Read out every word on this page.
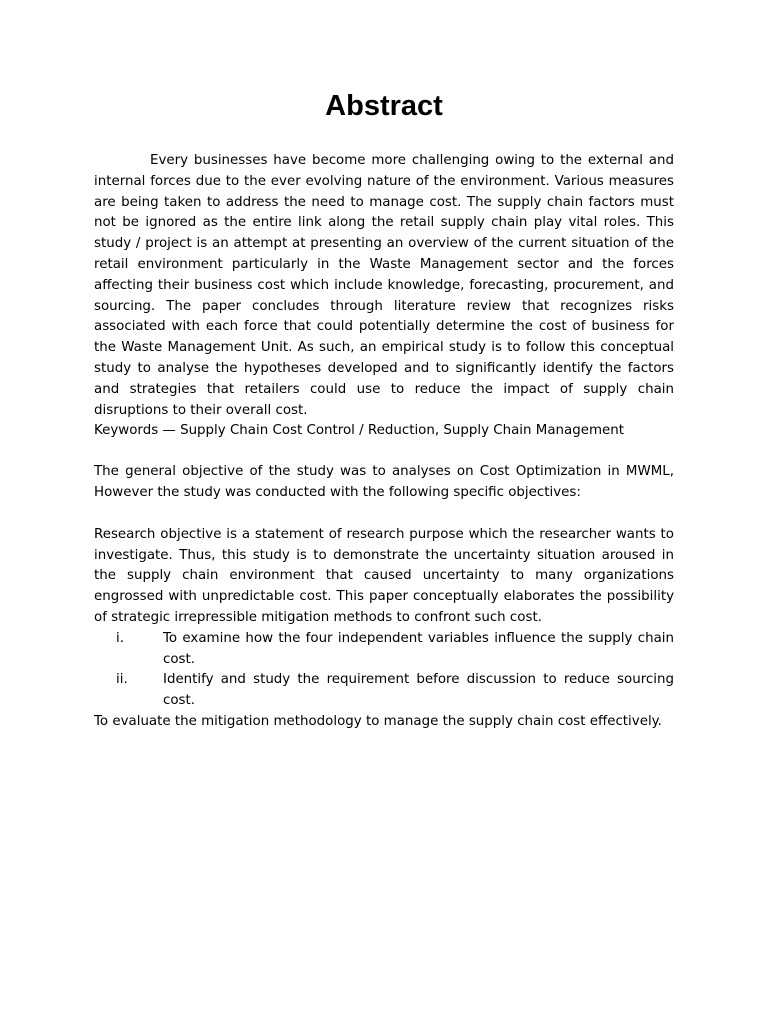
Abstract

Every businesses have become more challenging owing to the external and internal forces due to the ever evolving nature of the environment. Various measures are being taken to address the need to manage cost. The supply chain factors must not be ignored as the entire link along the retail supply chain play vital roles. This study / project is an attempt at presenting an overview of the current situation of the retail environment particularly in the Waste Management sector and the forces affecting their business cost which include knowledge, forecasting, procurement, and sourcing. The paper concludes through literature review that recognizes risks associated with each force that could potentially determine the cost of business for the Waste Management Unit. As such, an empirical study is to follow this conceptual study to analyse the hypotheses developed and to significantly identify the factors and strategies that retailers could use to reduce the impact of supply chain disruptions to their overall cost.

Keywords — Supply Chain Cost Control / Reduction, Supply Chain Management

The general objective of the study was to analyses on Cost Optimization in MWML, However the study was conducted with the following specific objectives:

Research objective is a statement of research purpose which the researcher wants to investigate. Thus, this study is to demonstrate the uncertainty situation aroused in the supply chain environment that caused uncertainty to many organizations engrossed with unpredictable cost. This paper conceptually elaborates the possibility of strategic irrepressible mitigation methods to confront such cost.

i.	To examine how the four independent variables influence the supply chain cost.
ii.	Identify and study the requirement before discussion to reduce sourcing cost.

To evaluate the mitigation methodology to manage the supply chain cost effectively.
